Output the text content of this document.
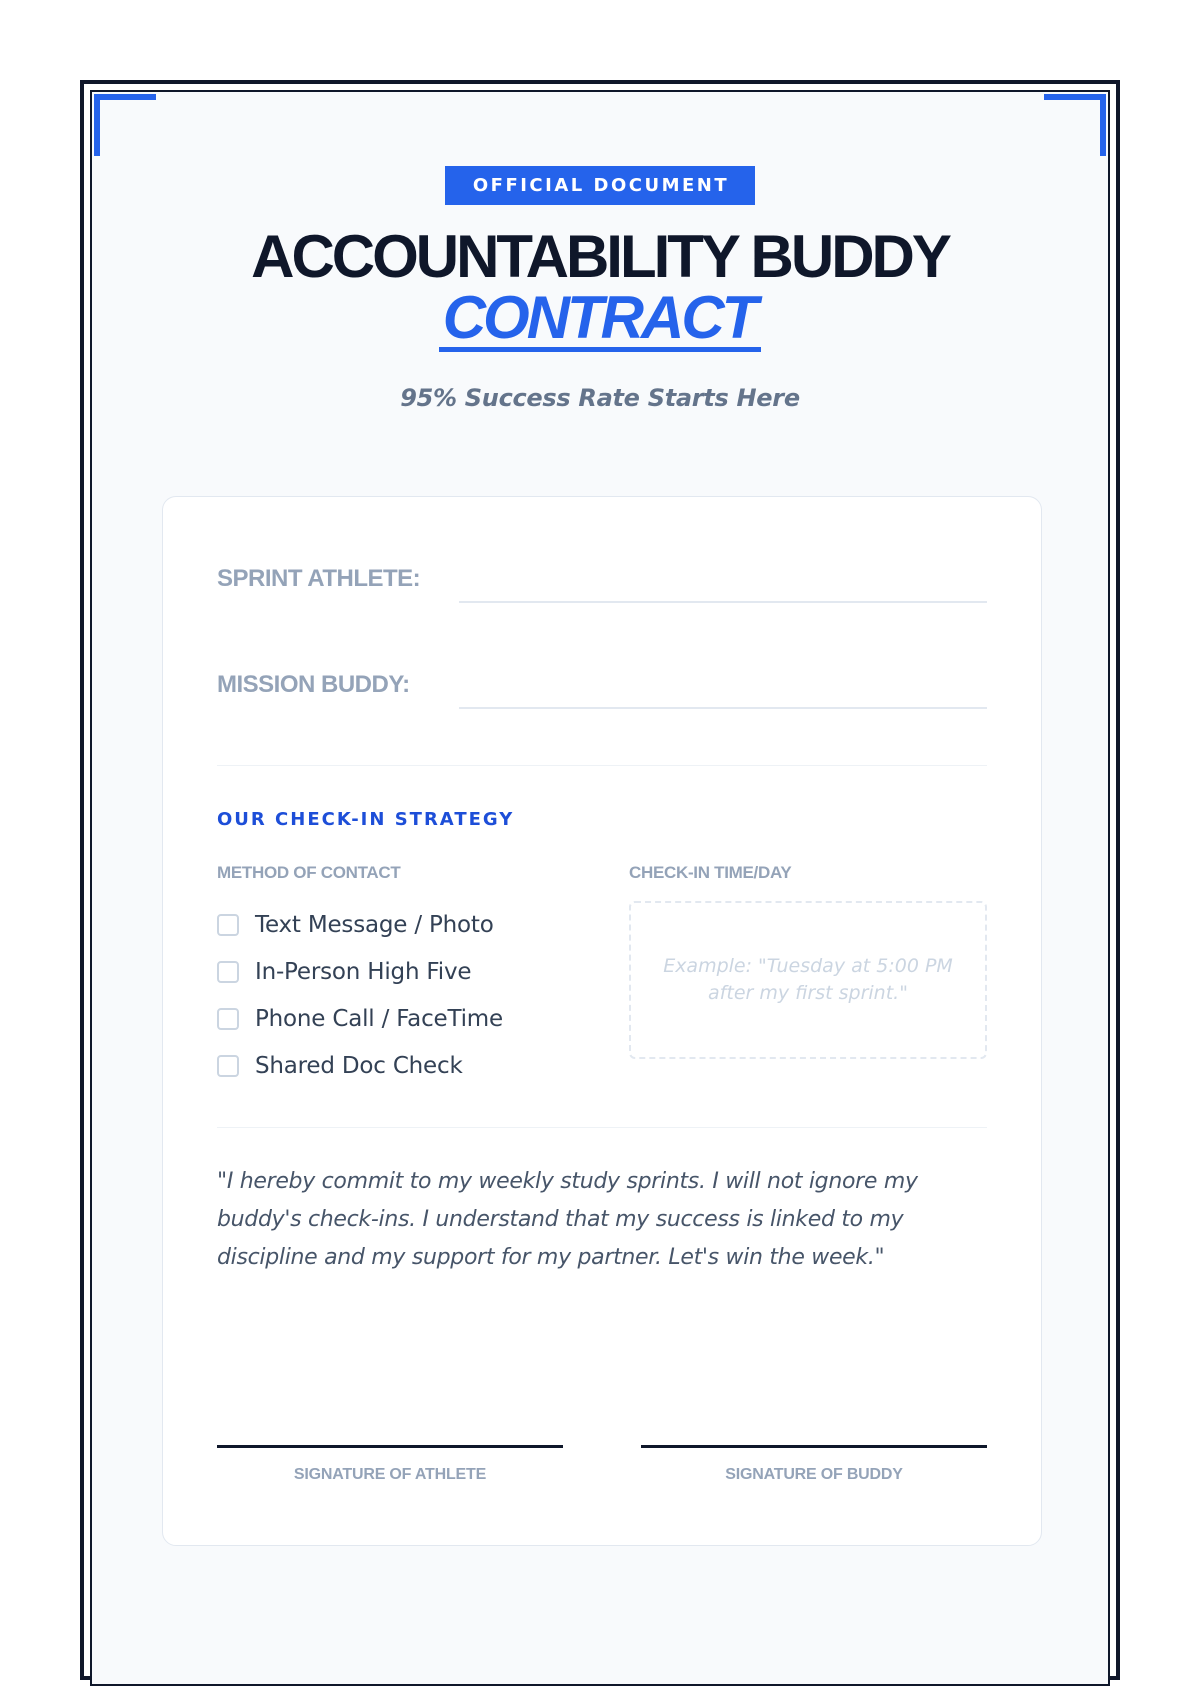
OFFICIAL DOCUMENT
ACCOUNTABILITY BUDDY
CONTRACT
95% Success Rate Starts Here
SPRINT ATHLETE:
MISSION BUDDY:
OUR CHECK-IN STRATEGY
METHOD OF CONTACT	CHECK-IN TIME/DAY
Text Message / Photo
In-Person High Five
Phone Call / FaceTime
Shared Doc Check
Example: "Tuesday at 5:00 PM after my first sprint."

"I hereby commit to my weekly study sprints. I will not ignore my buddy's check-ins. I understand that my success is linked to my discipline and my support for my partner. Let's win the week."

SIGNATURE OF ATHLETE	SIGNATURE OF BUDDY
